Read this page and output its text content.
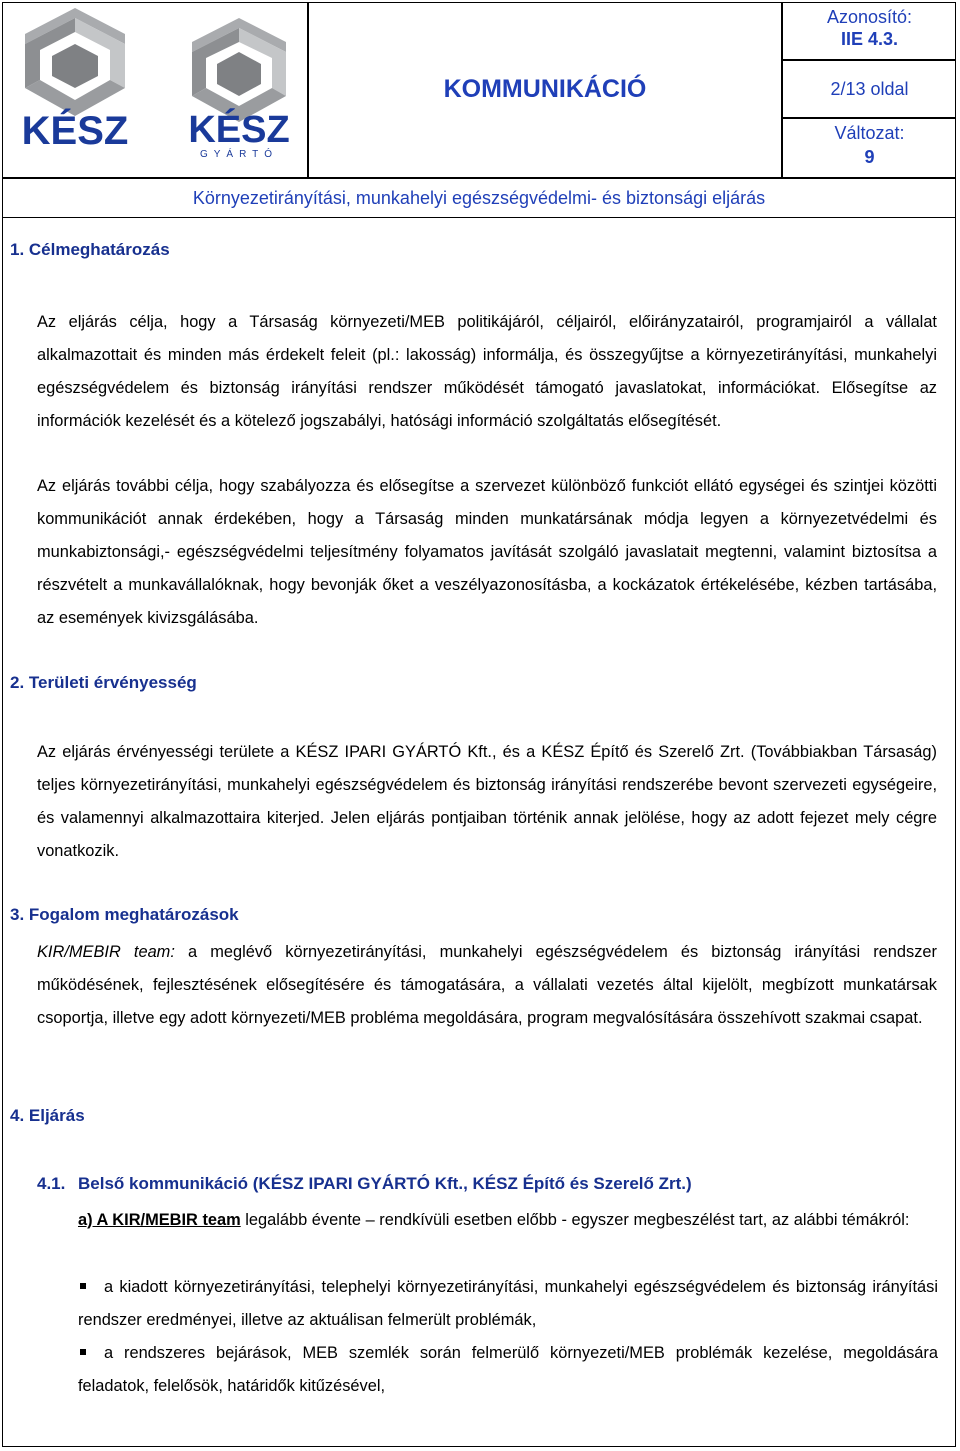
KÉSZ KÉSZ
GYÁRTÓ
KOMMUNIKÁCIÓ
Azonosító:
IIE 4.3.
2/13 oldal
Változat:
9
Környezetirányítási, munkahelyi egészségvédelmi- és biztonsági eljárás
1. Célmeghatározás

Az eljárás célja, hogy a Társaság környezeti/MEB politikájáról, céljairól, előirányzatairól, programjairól a vállalat alkalmazottait és minden más érdekelt feleit (pl.: lakosság) informálja, és összegyűjtse a környezetirányítási, munkahelyi egészségvédelem és biztonság irányítási rendszer működését támogató javaslatokat, információkat. Elősegítse az információk kezelését és a kötelező jogszabályi, hatósági információ szolgáltatás elősegítését.

Az eljárás további célja, hogy szabályozza és elősegítse a szervezet különböző funkciót ellátó egységei és szintjei közötti kommunikációt annak érdekében, hogy a Társaság minden munkatársának módja legyen a környezetvédelmi és munkabiztonsági,- egészségvédelmi teljesítmény folyamatos javítását szolgáló javaslatait megtenni, valamint biztosítsa a részvételt a munkavállalóknak, hogy bevonják őket a veszélyazonosításba, a kockázatok értékelésébe, kézben tartásába, az események kivizsgálásába.

2. Területi érvényesség

Az eljárás érvényességi területe a KÉSZ IPARI GYÁRTÓ Kft., és a KÉSZ Építő és Szerelő Zrt. (Továbbiakban Társaság) teljes környezetirányítási, munkahelyi egészségvédelem és biztonság irányítási rendszerébe bevont szervezeti egységeire, és valamennyi alkalmazottaira kiterjed. Jelen eljárás pontjaiban történik annak jelölése, hogy az adott fejezet mely cégre vonatkozik.

3. Fogalom meghatározások

KIR/MEBIR team: a meglévő környezetirányítási, munkahelyi egészségvédelem és biztonság irányítási rendszer működésének, fejlesztésének elősegítésére és támogatására, a vállalati vezetés által kijelölt, megbízott munkatársak csoportja, illetve egy adott környezeti/MEB probléma megoldására, program megvalósítására összehívott szakmai csapat.

4. Eljárás
4.1. Belső kommunikáció (KÉSZ IPARI GYÁRTÓ Kft., KÉSZ Építő és Szerelő Zrt.)

a) A KIR/MEBIR team legalább évente – rendkívüli esetben előbb - egyszer megbeszélést tart, az alábbi témákról:

a kiadott környezetirányítási, telephelyi környezetirányítási, munkahelyi egészségvédelem és biztonság irányítási rendszer eredményei, illetve az aktuálisan felmerült problémák,

a rendszeres bejárások, MEB szemlék során felmerülő környezeti/MEB problémák kezelése, megoldására feladatok, felelősök, határidők kitűzésével,
